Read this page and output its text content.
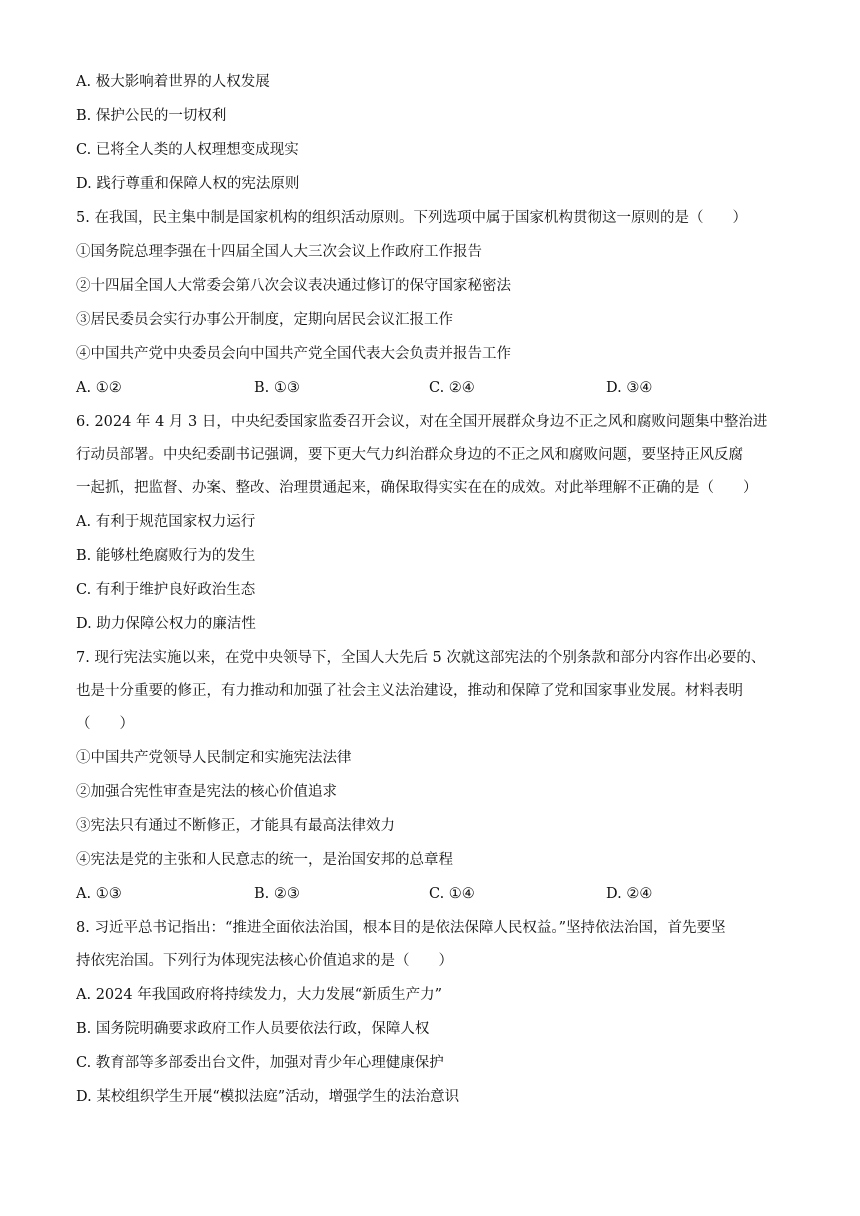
A. 极大影响着世界的人权发展
B. 保护公民的一切权利
C. 已将全人类的人权理想变成现实
D. 践行尊重和保障人权的宪法原则
5. 在我国，民主集中制是国家机构的组织活动原则。下列选项中属于国家机构贯彻这一原则的是（　　）
①国务院总理李强在十四届全国人大三次会议上作政府工作报告
②十四届全国人大常委会第八次会议表决通过修订的保守国家秘密法
③居民委员会实行办事公开制度，定期向居民会议汇报工作
④中国共产党中央委员会向中国共产党全国代表大会负责并报告工作
A. ①②	B. ①③	C. ②④	D. ③④
6. 2024 年 4 月 3 日，中央纪委国家监委召开会议，对在全国开展群众身边不正之风和腐败问题集中整治进
行动员部署。中央纪委副书记强调，要下更大气力纠治群众身边的不正之风和腐败问题，要坚持正风反腐
一起抓，把监督、办案、整改、治理贯通起来，确保取得实实在在的成效。对此举理解不正确的是（　　）
A. 有利于规范国家权力运行
B. 能够杜绝腐败行为的发生
C. 有利于维护良好政治生态
D. 助力保障公权力的廉洁性
7. 现行宪法实施以来，在党中央领导下，全国人大先后 5 次就这部宪法的个别条款和部分内容作出必要的、
也是十分重要的修正，有力推动和加强了社会主义法治建设，推动和保障了党和国家事业发展。材料表明
（　　）
①中国共产党领导人民制定和实施宪法法律
②加强合宪性审查是宪法的核心价值追求
③宪法只有通过不断修正，才能具有最高法律效力
④宪法是党的主张和人民意志的统一，是治国安邦的总章程
A. ①③	B. ②③	C. ①④	D. ②④
8. 习近平总书记指出：“推进全面依法治国，根本目的是依法保障人民权益。”坚持依法治国，首先要坚
持依宪治国。下列行为体现宪法核心价值追求的是（　　）
A. 2024 年我国政府将持续发力，大力发展“新质生产力”
B. 国务院明确要求政府工作人员要依法行政，保障人权
C. 教育部等多部委出台文件，加强对青少年心理健康保护
D. 某校组织学生开展“模拟法庭”活动，增强学生的法治意识
